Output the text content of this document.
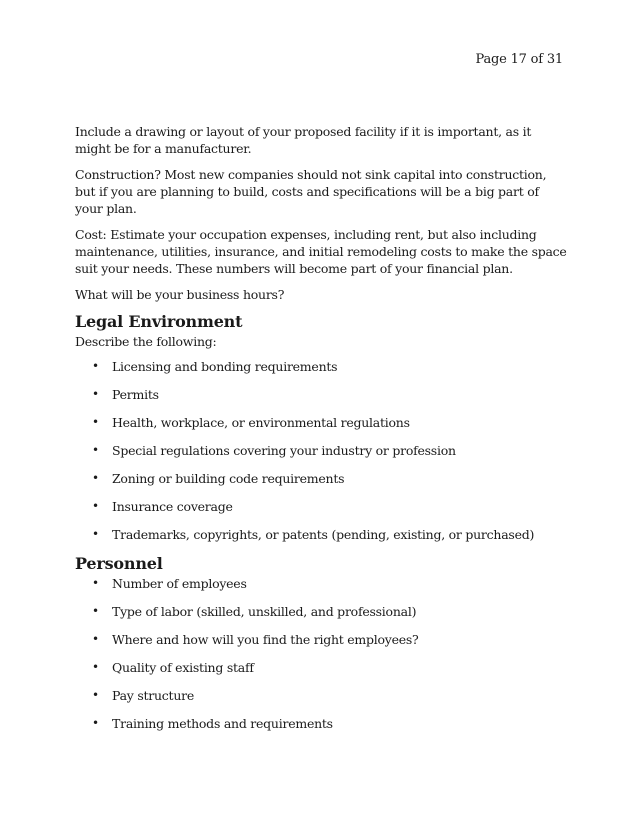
Page 17 of 31

Include a drawing or layout of your proposed facility if it is important, as it might be for a manufacturer.

Construction? Most new companies should not sink capital into construction, but if you are planning to build, costs and specifications will be a big part of your plan.

Cost: Estimate your occupation expenses, including rent, but also including maintenance, utilities, insurance, and initial remodeling costs to make the space suit your needs. These numbers will become part of your financial plan.

What will be your business hours?

Legal Environment

Describe the following:

• Licensing and bonding requirements
• Permits
• Health, workplace, or environmental regulations
• Special regulations covering your industry or profession
• Zoning or building code requirements
• Insurance coverage
• Trademarks, copyrights, or patents (pending, existing, or purchased)
Personnel
• Number of employees
• Type of labor (skilled, unskilled, and professional)
• Where and how will you find the right employees?
• Quality of existing staff
• Pay structure
• Training methods and requirements
